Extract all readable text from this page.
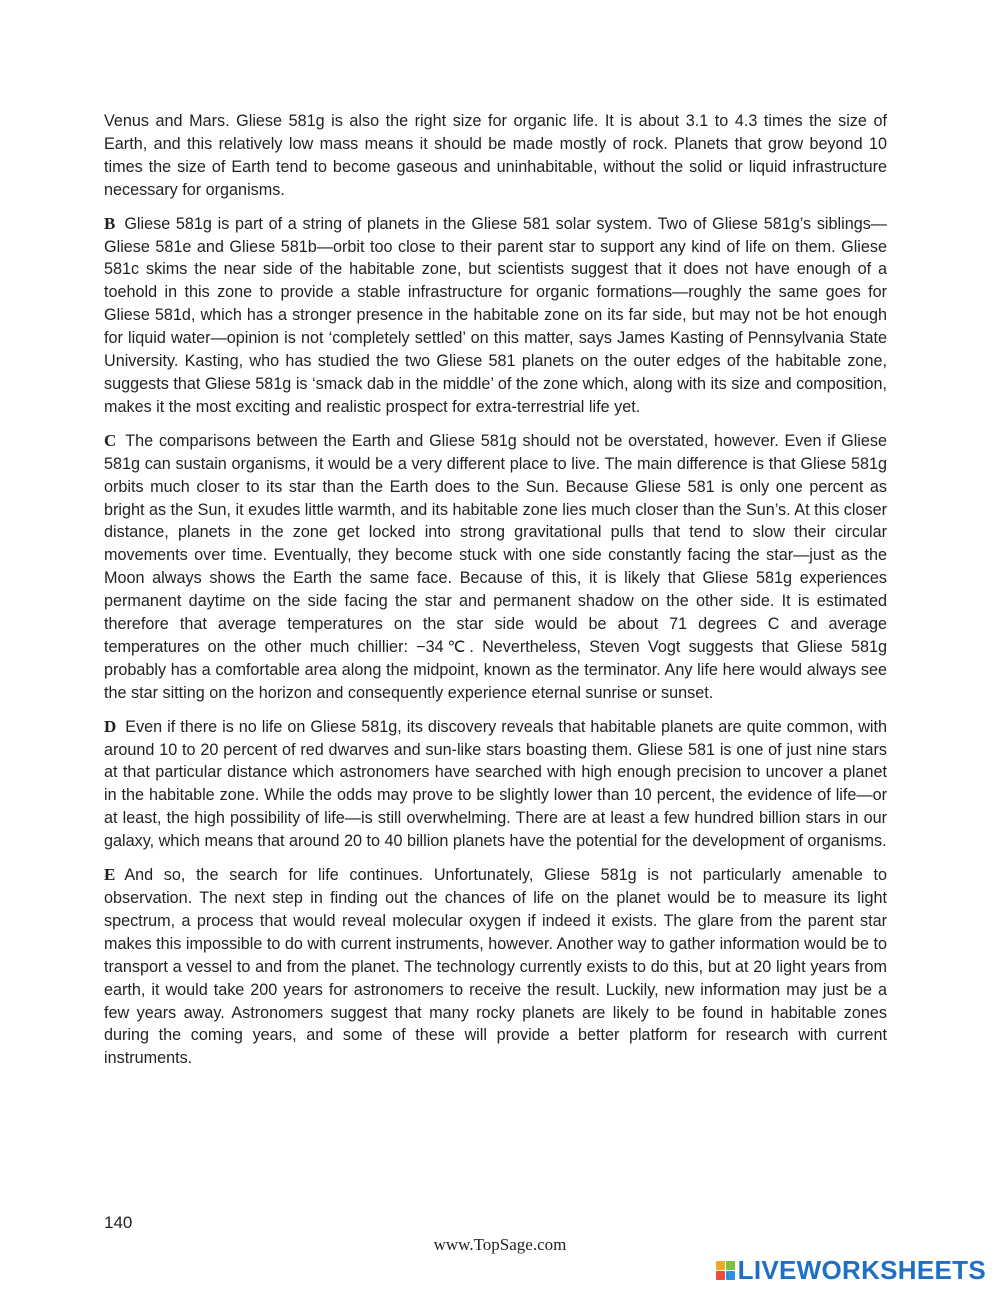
Venus and Mars. Gliese 581g is also the right size for organic life. It is about 3.1 to 4.3 times the size of Earth, and this relatively low mass means it should be made mostly of rock. Planets that grow beyond 10 times the size of Earth tend to become gaseous and uninhabitable, without the solid or liquid infrastructure necessary for organisms.

B Gliese 581g is part of a string of planets in the Gliese 581 solar system. Two of Gliese 581g’s siblings—Gliese 581e and Gliese 581b—orbit too close to their parent star to support any kind of life on them. Gliese 581c skims the near side of the habitable zone, but scientists suggest that it does not have enough of a toehold in this zone to provide a stable infrastructure for organic formations—roughly the same goes for Gliese 581d, which has a stronger presence in the habitable zone on its far side, but may not be hot enough for liquid water—opinion is not ‘completely settled’ on this matter, says James Kasting of Pennsylvania State University. Kasting, who has studied the two Gliese 581 planets on the outer edges of the habitable zone, suggests that Gliese 581g is ‘smack dab in the middle’ of the zone which, along with its size and composition, makes it the most exciting and realistic prospect for extra-terrestrial life yet.

C The comparisons between the Earth and Gliese 581g should not be overstated, however. Even if Gliese 581g can sustain organisms, it would be a very different place to live. The main difference is that Gliese 581g orbits much closer to its star than the Earth does to the Sun. Because Gliese 581 is only one percent as bright as the Sun, it exudes little warmth, and its habitable zone lies much closer than the Sun’s. At this closer distance, planets in the zone get locked into strong gravitational pulls that tend to slow their circular movements over time. Eventually, they become stuck with one side constantly facing the star—just as the Moon always shows the Earth the same face. Because of this, it is likely that Gliese 581g experiences permanent daytime on the side facing the star and permanent shadow on the other side. It is estimated therefore that average temperatures on the star side would be about 71 degrees C and average temperatures on the other much chillier: −34℃. Nevertheless, Steven Vogt suggests that Gliese 581g probably has a comfortable area along the midpoint, known as the terminator. Any life here would always see the star sitting on the horizon and consequently experience eternal sunrise or sunset.

D Even if there is no life on Gliese 581g, its discovery reveals that habitable planets are quite common, with around 10 to 20 percent of red dwarves and sun-like stars boasting them. Gliese 581 is one of just nine stars at that particular distance which astronomers have searched with high enough precision to uncover a planet in the habitable zone. While the odds may prove to be slightly lower than 10 percent, the evidence of life—or at least, the high possibility of life—is still overwhelming. There are at least a few hundred billion stars in our galaxy, which means that around 20 to 40 billion planets have the potential for the development of organisms.

E And so, the search for life continues. Unfortunately, Gliese 581g is not particularly amenable to observation. The next step in finding out the chances of life on the planet would be to measure its light spectrum, a process that would reveal molecular oxygen if indeed it exists. The glare from the parent star makes this impossible to do with current instruments, however. Another way to gather information would be to transport a vessel to and from the planet. The technology currently exists to do this, but at 20 light years from earth, it would take 200 years for astronomers to receive the result. Luckily, new information may just be a few years away. Astronomers suggest that many rocky planets are likely to be found in habitable zones during the coming years, and some of these will provide a better platform for research with current instruments.

140
www.TopSage.com
LIVEWORKSHEETS
